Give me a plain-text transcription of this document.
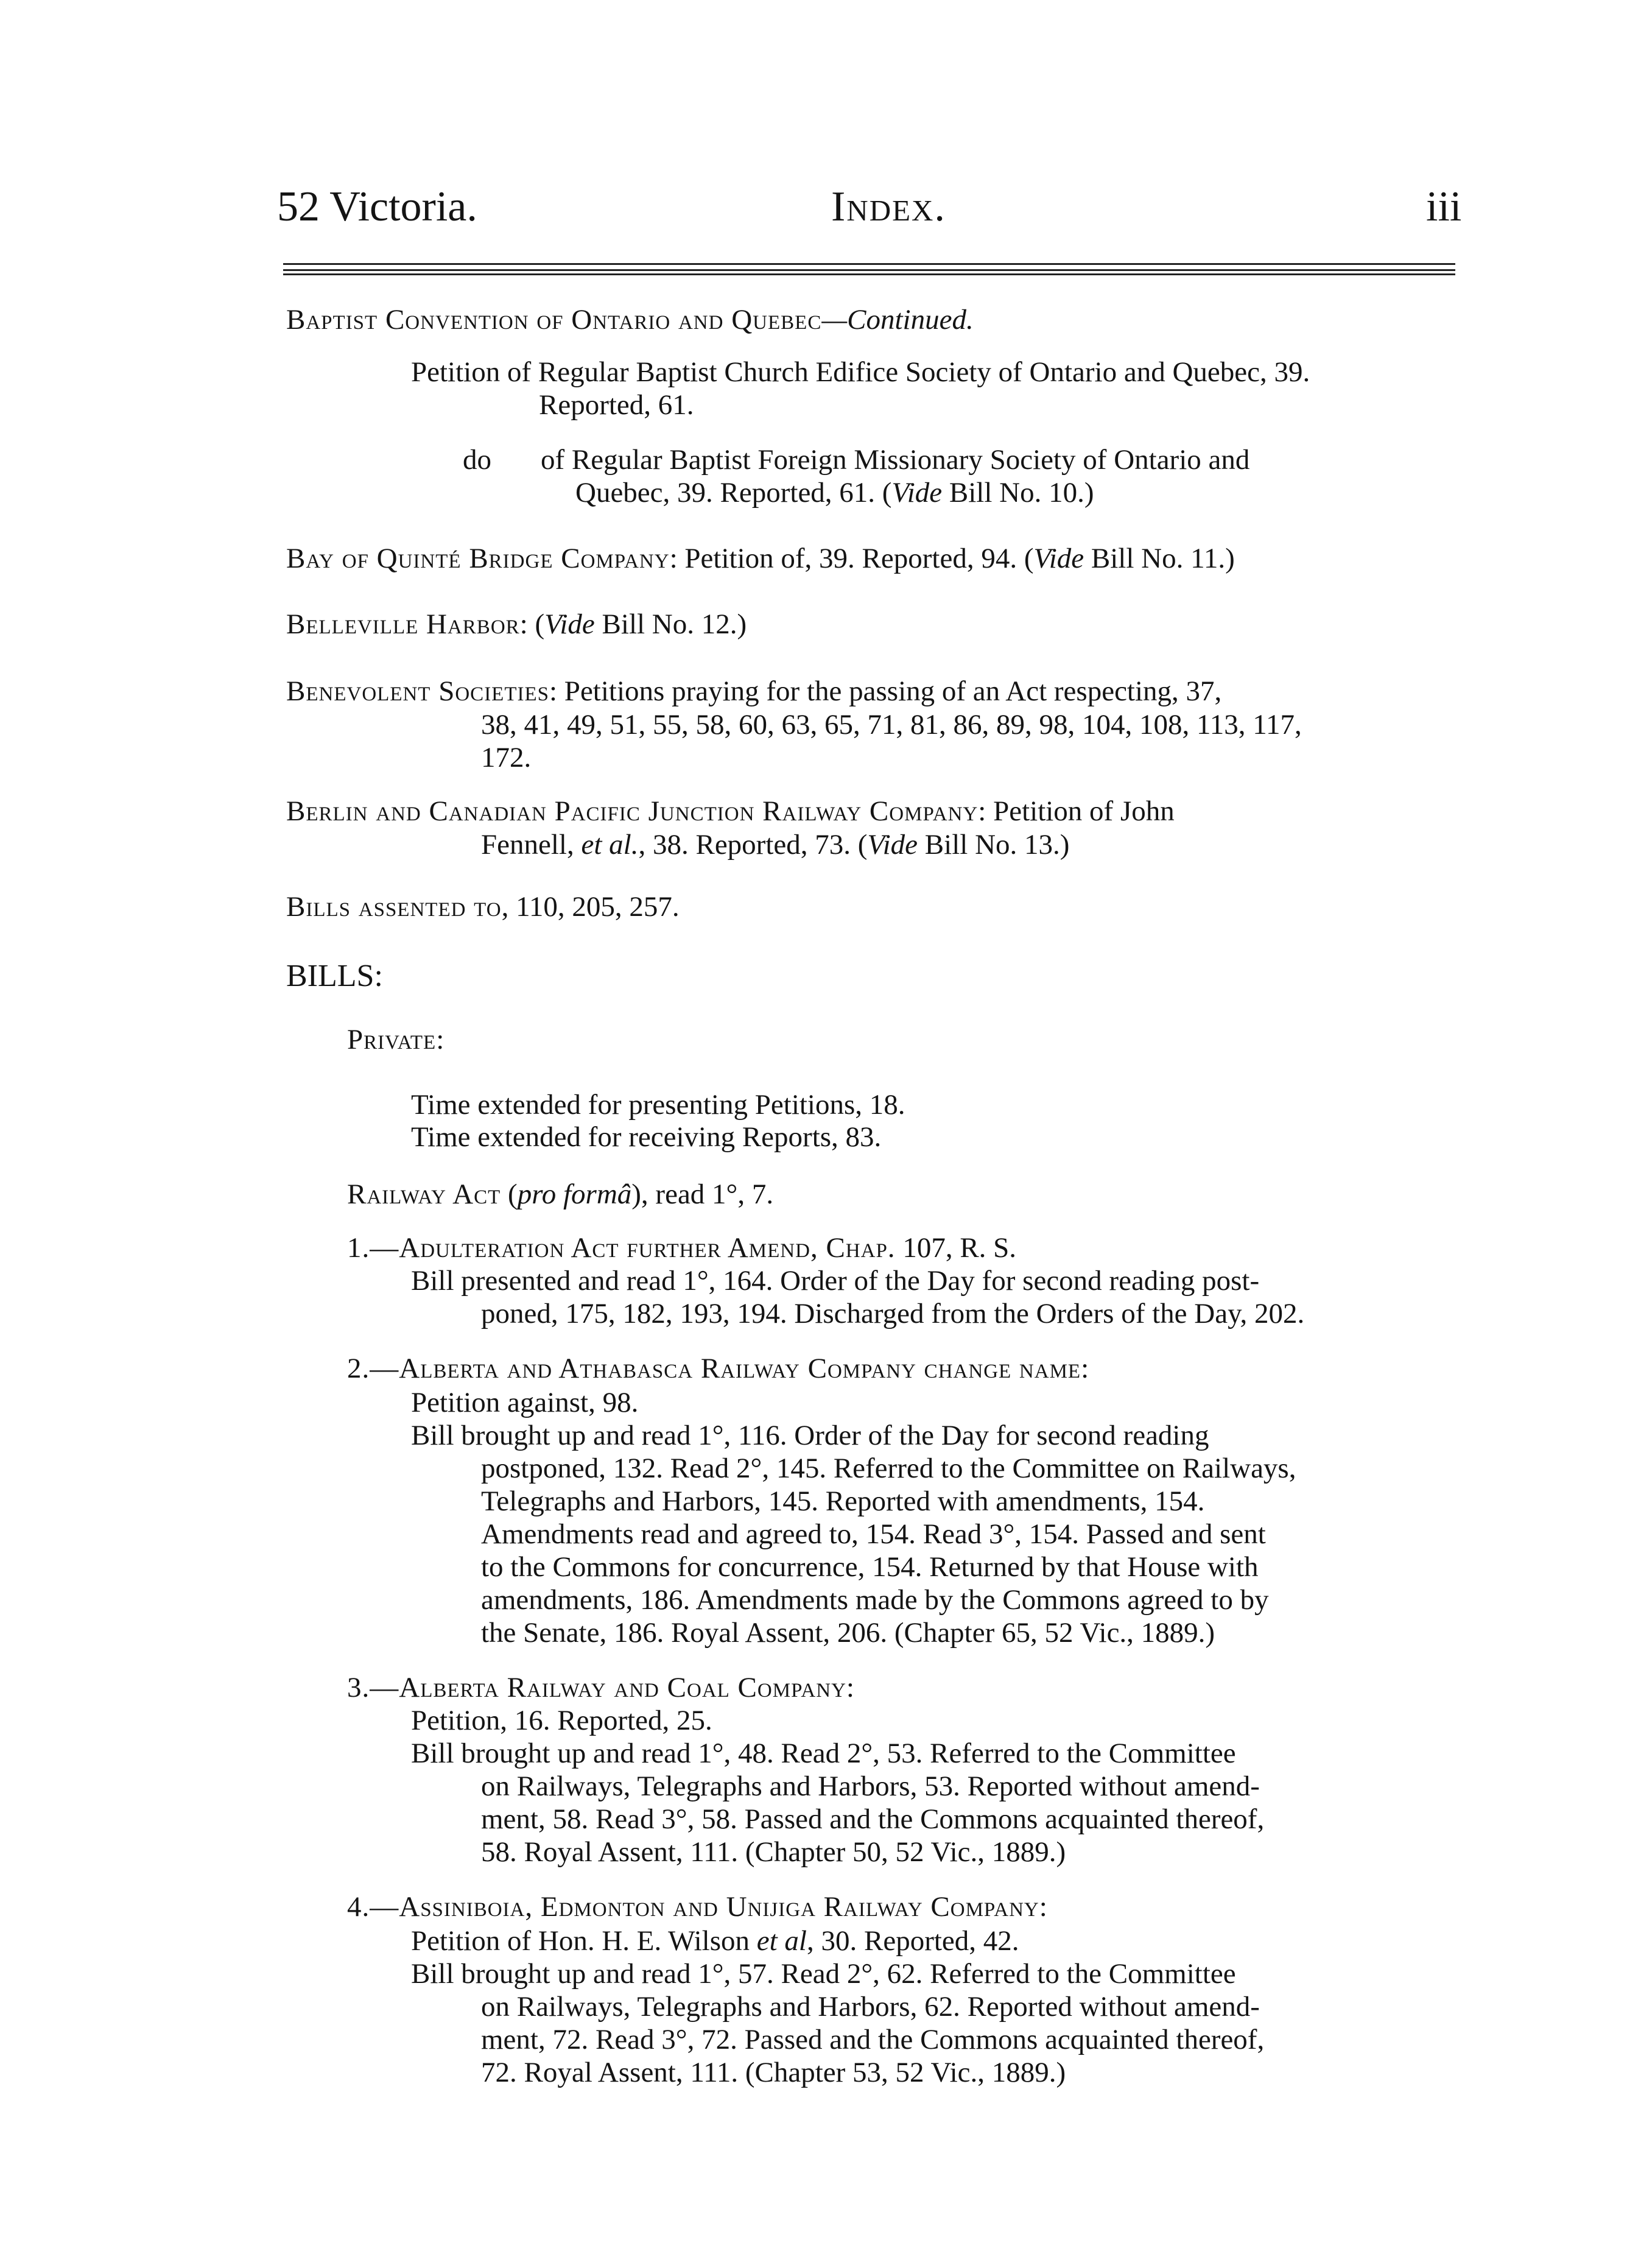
52 Victoria.	Index.	iii
Baptist Convention of Ontario and Quebec—Continued.
Petition of Regular Baptist Church Edifice Society of Ontario and Quebec, 39.
Reported, 61.
do of Regular Baptist Foreign Missionary Society of Ontario and
Quebec, 39. Reported, 61. (Vide Bill No. 10.)
Bay of Quinté Bridge Company: Petition of, 39. Reported, 94. (Vide Bill No. 11.)
Belleville Harbor: (Vide Bill No. 12.)
Benevolent Societies: Petitions praying for the passing of an Act respecting, 37,
38, 41, 49, 51, 55, 58, 60, 63, 65, 71, 81, 86, 89, 98, 104, 108, 113, 117,
172.
Berlin and Canadian Pacific Junction Railway Company: Petition of John
Fennell, et al., 38. Reported, 73. (Vide Bill No. 13.)
Bills assented to, 110, 205, 257.
BILLS:
Private:
Time extended for presenting Petitions, 18.
Time extended for receiving Reports, 83.
Railway Act (pro formâ), read 1°, 7.
1.—Adulteration Act further Amend, Chap. 107, R. S.
Bill presented and read 1°, 164. Order of the Day for second reading post-
poned, 175, 182, 193, 194. Discharged from the Orders of the Day, 202.
2.—Alberta and Athabasca Railway Company change name:
Petition against, 98.
Bill brought up and read 1°, 116. Order of the Day for second reading
postponed, 132. Read 2°, 145. Referred to the Committee on Railways,
Telegraphs and Harbors, 145. Reported with amendments, 154.
Amendments read and agreed to, 154. Read 3°, 154. Passed and sent
to the Commons for concurrence, 154. Returned by that House with
amendments, 186. Amendments made by the Commons agreed to by
the Senate, 186. Royal Assent, 206. (Chapter 65, 52 Vic., 1889.)
3.—Alberta Railway and Coal Company:
Petition, 16. Reported, 25.
Bill brought up and read 1°, 48. Read 2°, 53. Referred to the Committee
on Railways, Telegraphs and Harbors, 53. Reported without amend-
ment, 58. Read 3°, 58. Passed and the Commons acquainted thereof,
58. Royal Assent, 111. (Chapter 50, 52 Vic., 1889.)
4.—Assiniboia, Edmonton and Unijiga Railway Company:
Petition of Hon. H. E. Wilson et al, 30. Reported, 42.
Bill brought up and read 1°, 57. Read 2°, 62. Referred to the Committee
on Railways, Telegraphs and Harbors, 62. Reported without amend-
ment, 72. Read 3°, 72. Passed and the Commons acquainted thereof,
72. Royal Assent, 111. (Chapter 53, 52 Vic., 1889.)
